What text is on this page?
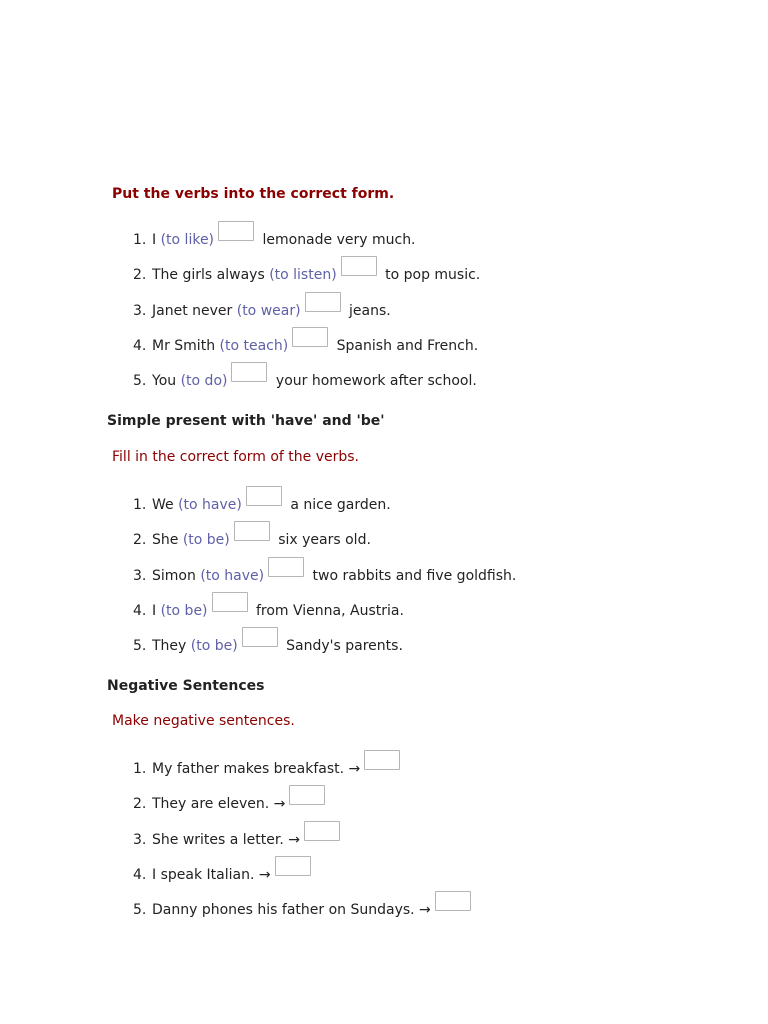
Put the verbs into the correct form.

1. I (to like)	lemonade very much.
2. The girls always (to listen)	to pop music.
3. Janet never (to wear)	jeans.
4. Mr Smith (to teach)	Spanish and French.
5. You (to do)	your homework after school.

Simple present with 'have' and 'be'

Fill in the correct form of the verbs.

1. We (to have)	a nice garden.
2. She (to be)	six years old.
3. Simon (to have)	two rabbits and five goldfish.
4. I (to be)	from Vienna, Austria.
5. They (to be)	Sandy's parents.

Negative Sentences

Make negative sentences.

1. My father makes breakfast. →
2. They are eleven. →
3. She writes a letter. →
4. I speak Italian. →
5. Danny phones his father on Sundays. →
